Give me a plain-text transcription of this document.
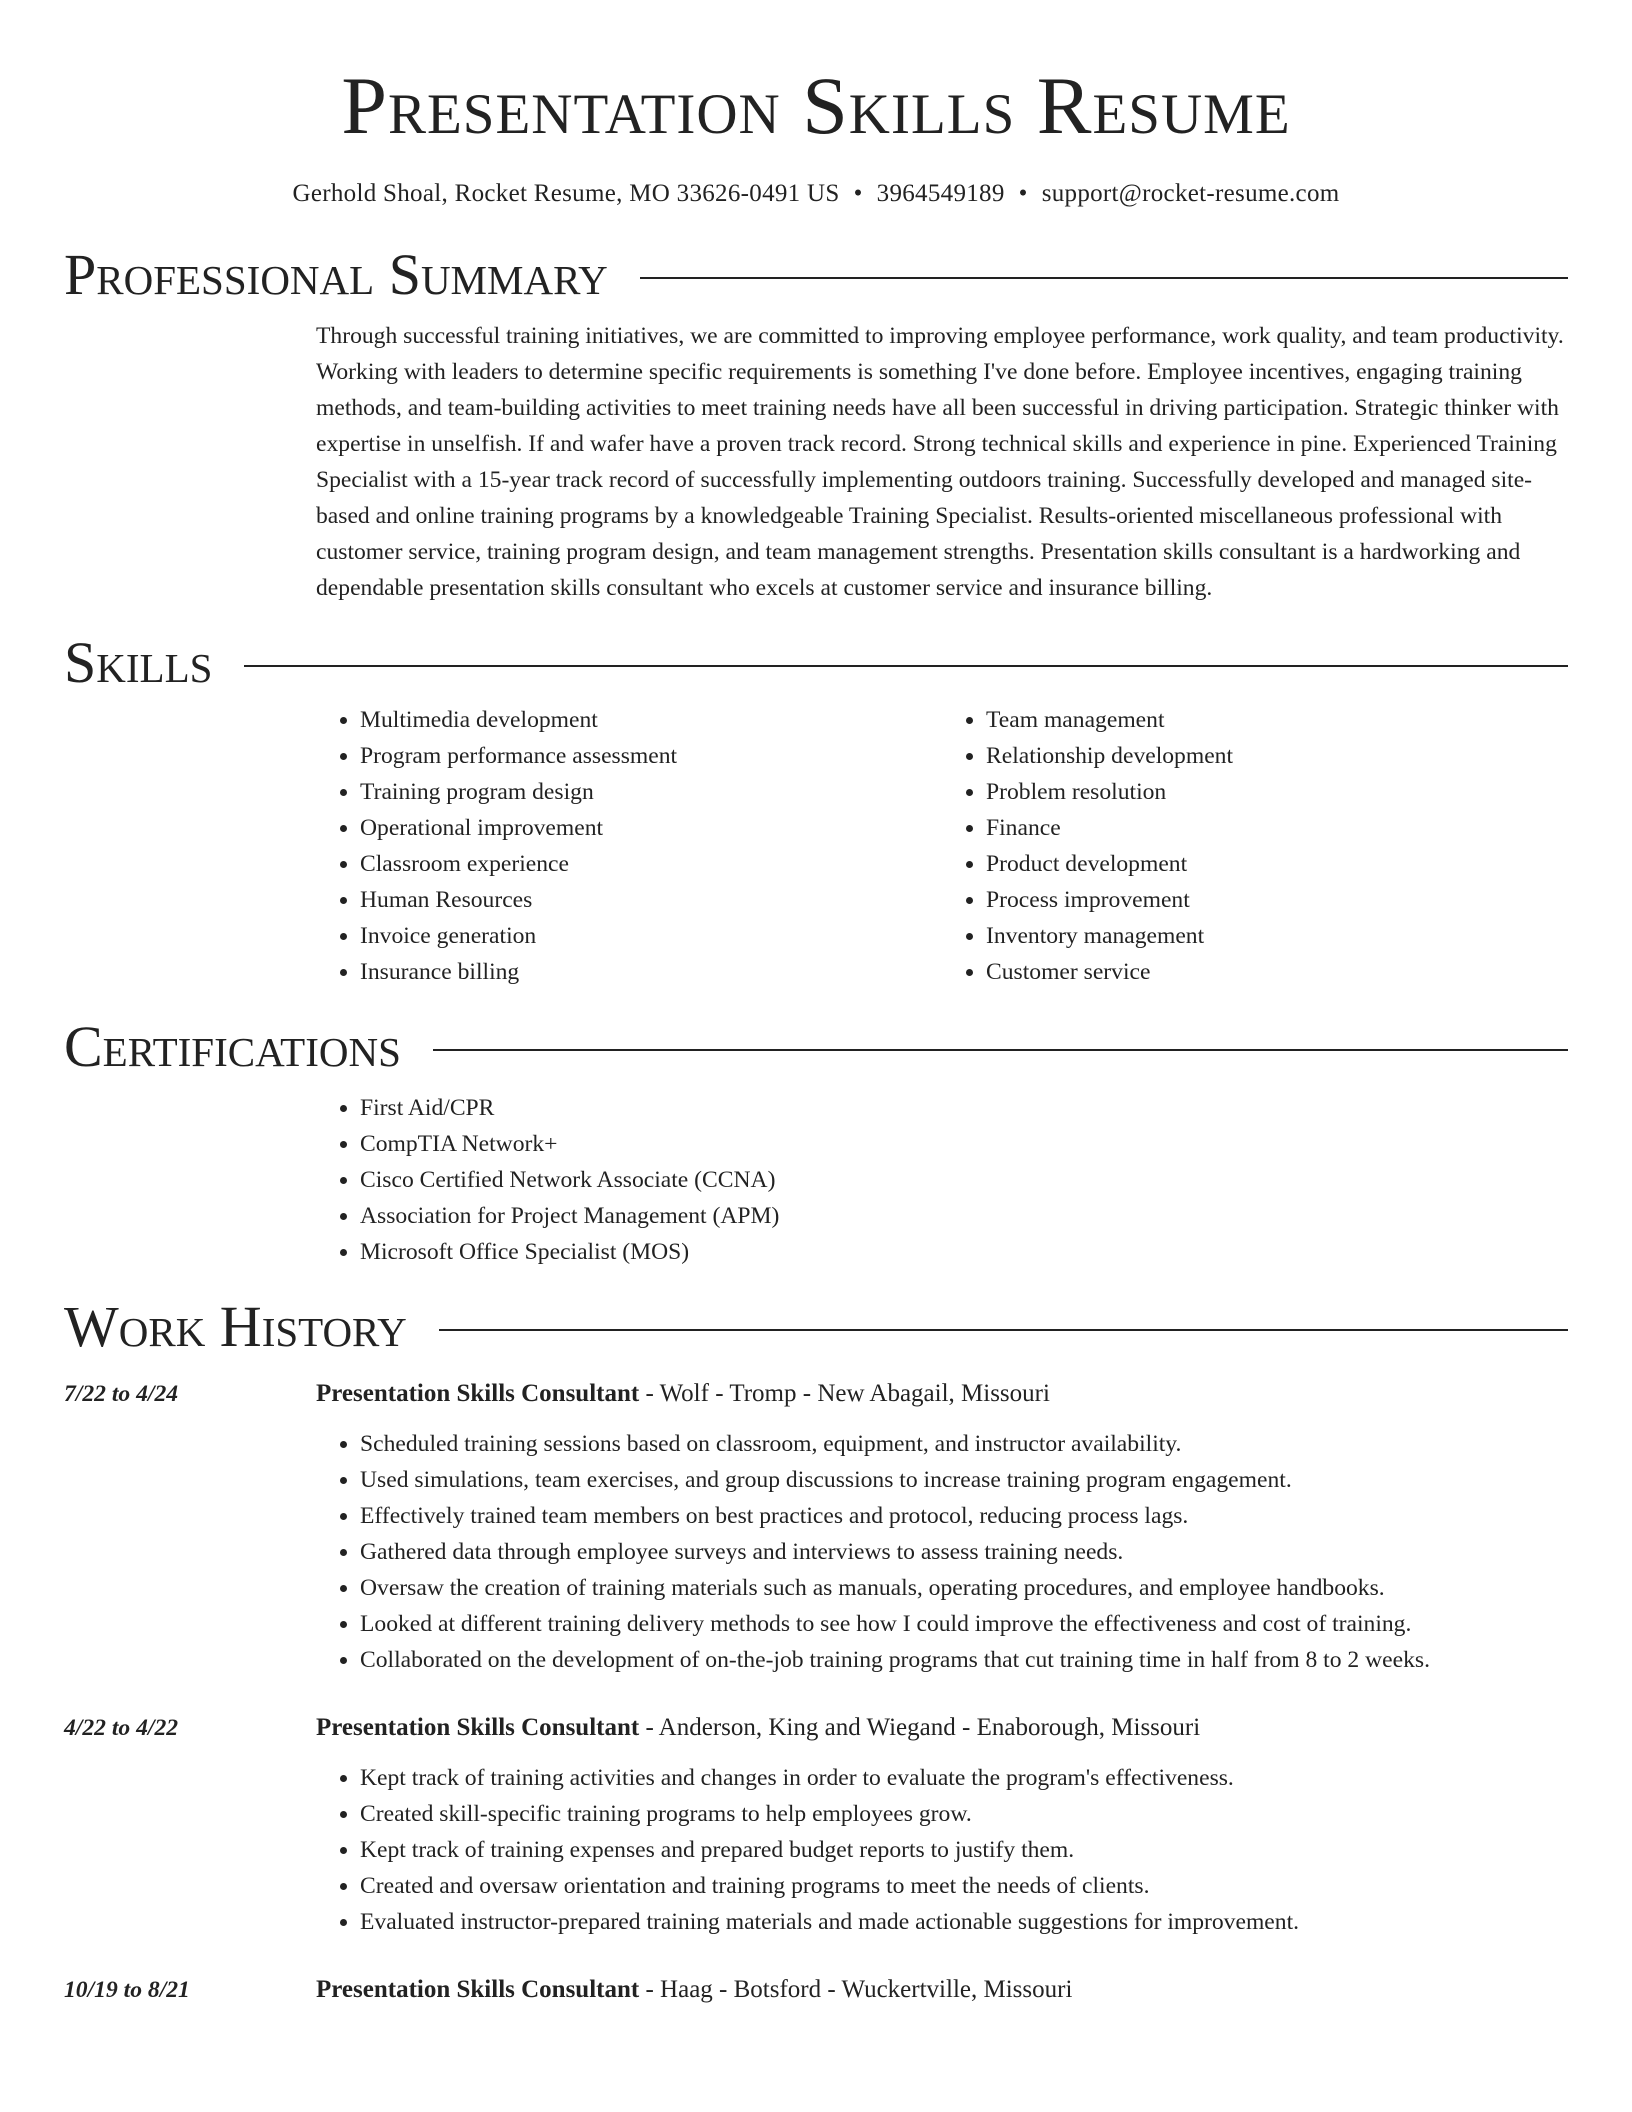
Presentation Skills Resume
Gerhold Shoal, Rocket Resume, MO 33626-0491 US • 3964549189 • support@rocket-resume.com
Professional Summary
Through successful training initiatives, we are committed to improving employee performance, work quality, and team productivity. Working with leaders to determine specific requirements is something I've done before. Employee incentives, engaging training methods, and team-building activities to meet training needs have all been successful in driving participation. Strategic thinker with expertise in unselfish. If and wafer have a proven track record. Strong technical skills and experience in pine. Experienced Training Specialist with a 15-year track record of successfully implementing outdoors training. Successfully developed and managed site-based and online training programs by a knowledgeable Training Specialist. Results-oriented miscellaneous professional with customer service, training program design, and team management strengths. Presentation skills consultant is a hardworking and dependable presentation skills consultant who excels at customer service and insurance billing.
Skills
• Multimedia development
• Program performance assessment
• Training program design
• Operational improvement
• Classroom experience
• Human Resources
• Invoice generation
• Insurance billing
• Team management
• Relationship development
• Problem resolution
• Finance
• Product development
• Process improvement
• Inventory management
• Customer service
Certifications
• First Aid/CPR
• CompTIA Network+
• Cisco Certified Network Associate (CCNA)
• Association for Project Management (APM)
• Microsoft Office Specialist (MOS)
Work History
7/22 to 4/24	Presentation Skills Consultant - Wolf - Tromp - New Abagail, Missouri
• Scheduled training sessions based on classroom, equipment, and instructor availability.
• Used simulations, team exercises, and group discussions to increase training program engagement.
• Effectively trained team members on best practices and protocol, reducing process lags.
• Gathered data through employee surveys and interviews to assess training needs.
• Oversaw the creation of training materials such as manuals, operating procedures, and employee handbooks.
• Looked at different training delivery methods to see how I could improve the effectiveness and cost of training.
• Collaborated on the development of on-the-job training programs that cut training time in half from 8 to 2 weeks.
4/22 to 4/22	Presentation Skills Consultant - Anderson, King and Wiegand - Enaborough, Missouri
• Kept track of training activities and changes in order to evaluate the program's effectiveness.
• Created skill-specific training programs to help employees grow.
• Kept track of training expenses and prepared budget reports to justify them.
• Created and oversaw orientation and training programs to meet the needs of clients.
• Evaluated instructor-prepared training materials and made actionable suggestions for improvement.
10/19 to 8/21	Presentation Skills Consultant - Haag - Botsford - Wuckertville, Missouri
